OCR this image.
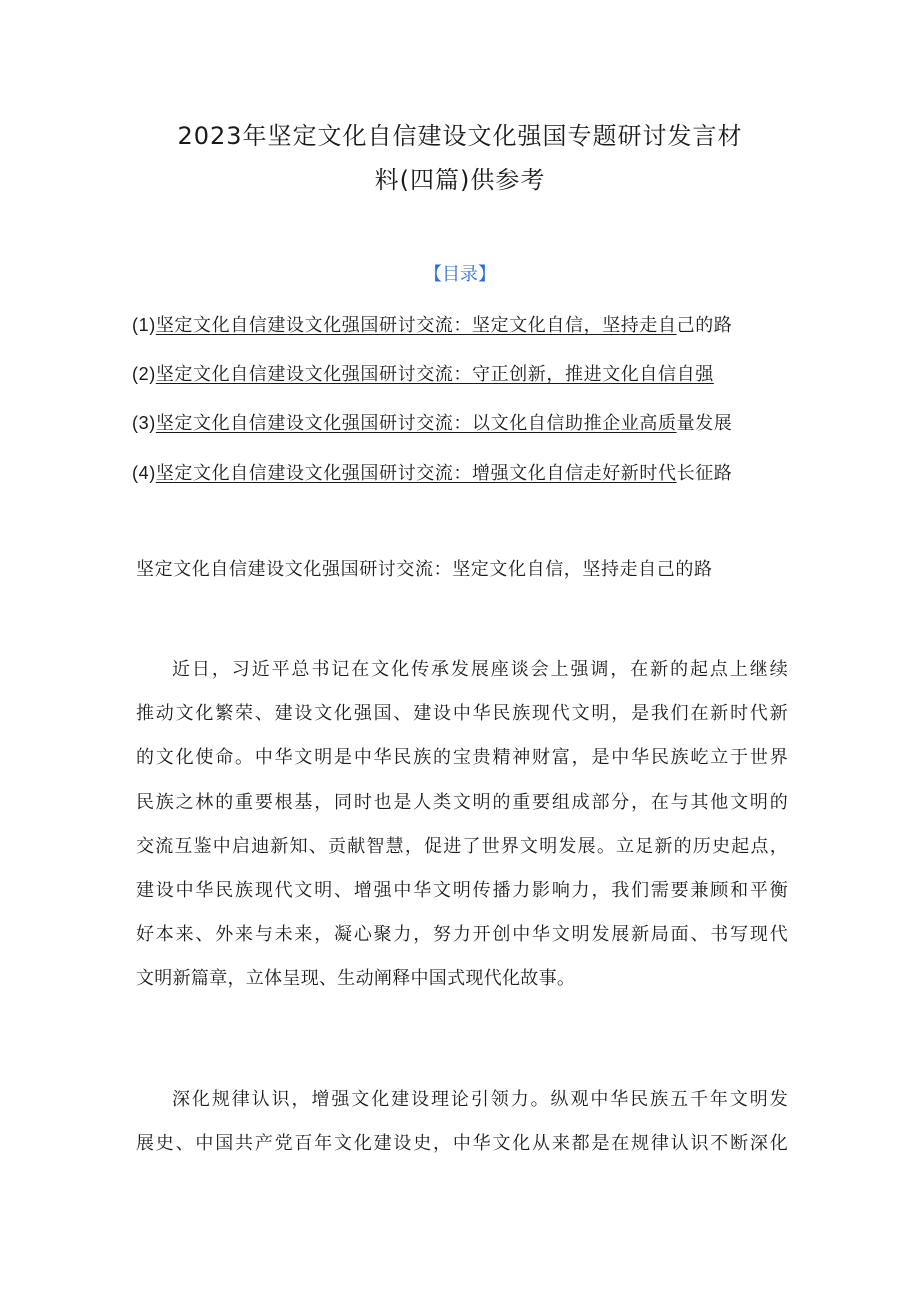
2023年坚定文化自信建设文化强国专题研讨发言材
料(四篇)供参考
【目录】
(1)坚定文化自信建设文化强国研讨交流：坚定文化自信，坚持走自己的路
(2)坚定文化自信建设文化强国研讨交流：守正创新，推进文化自信自强
(3)坚定文化自信建设文化强国研讨交流：以文化自信助推企业高质量发展
(4)坚定文化自信建设文化强国研讨交流：增强文化自信走好新时代长征路
坚定文化自信建设文化强国研讨交流：坚定文化自信，坚持走自己的路
近日，习近平总书记在文化传承发展座谈会上强调，在新的起点上继续
推动文化繁荣、建设文化强国、建设中华民族现代文明，是我们在新时代新
的文化使命。中华文明是中华民族的宝贵精神财富，是中华民族屹立于世界
民族之林的重要根基，同时也是人类文明的重要组成部分，在与其他文明的
交流互鉴中启迪新知、贡献智慧，促进了世界文明发展。立足新的历史起点，
建设中华民族现代文明、增强中华文明传播力影响力，我们需要兼顾和平衡
好本来、外来与未来，凝心聚力，努力开创中华文明发展新局面、书写现代
文明新篇章，立体呈现、生动阐释中国式现代化故事。
深化规律认识，增强文化建设理论引领力。纵观中华民族五千年文明发
展史、中国共产党百年文化建设史，中华文化从来都是在规律认识不断深化
